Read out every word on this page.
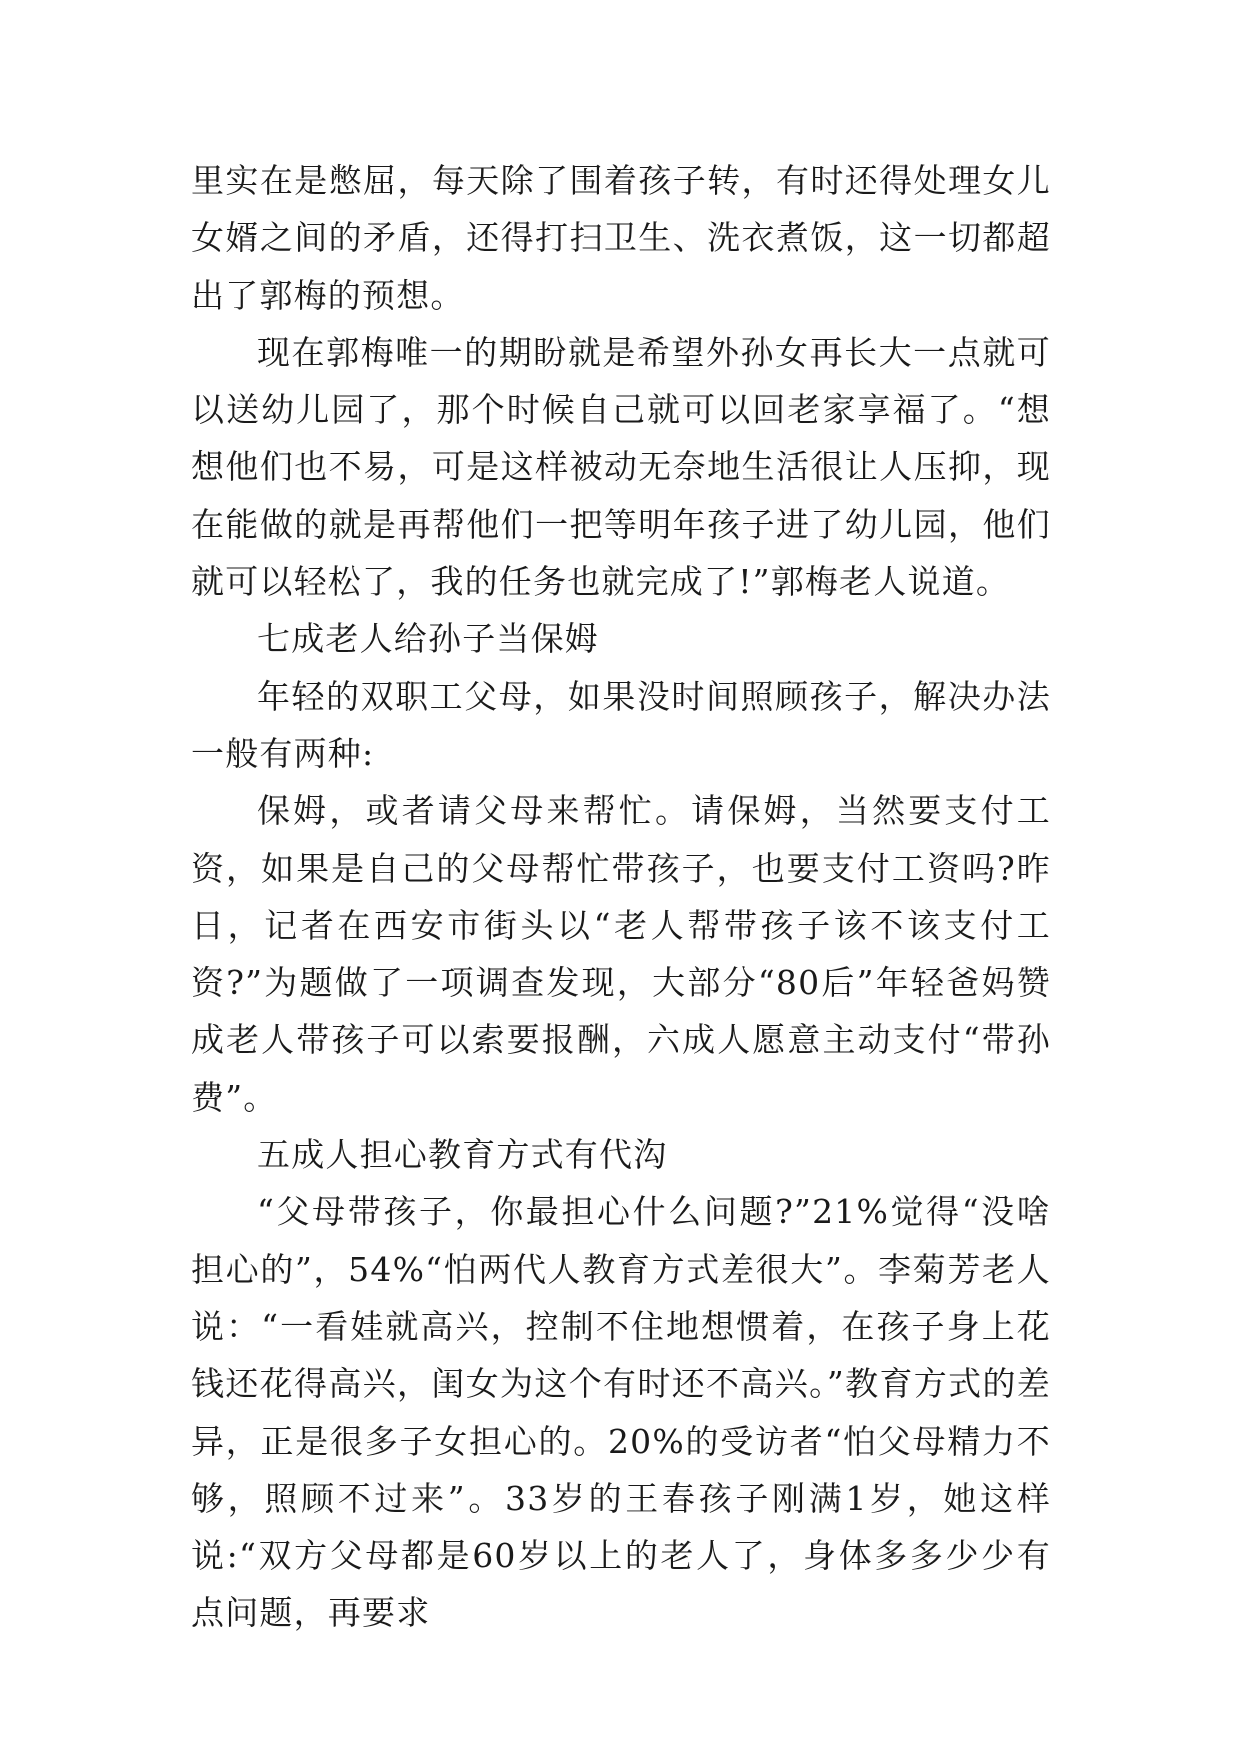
里实在是憋屈，每天除了围着孩子转，有时还得处理女儿女婿之间的矛盾，还得打扫卫生、洗衣煮饭，这一切都超出了郭梅的预想。

现在郭梅唯一的期盼就是希望外孙女再长大一点就可以送幼儿园了，那个时候自己就可以回老家享福了。“想想他们也不易，可是这样被动无奈地生活很让人压抑，现在能做的就是再帮他们一把等明年孩子进了幼儿园，他们就可以轻松了，我的任务也就完成了!”郭梅老人说道。

七成老人给孙子当保姆

年轻的双职工父母，如果没时间照顾孩子，解决办法一般有两种:

保姆，或者请父母来帮忙。请保姆，当然要支付工资，如果是自己的父母帮忙带孩子，也要支付工资吗?昨日，记者在西安市街头以“老人帮带孩子该不该支付工资?”为题做了一项调查发现，大部分“80后”年轻爸妈赞成老人带孩子可以索要报酬，六成人愿意主动支付“带孙费”。

五成人担心教育方式有代沟

“父母带孩子，你最担心什么问题?”21%觉得“没啥担心的”，54%“怕两代人教育方式差很大”。李菊芳老人说：“一看娃就高兴，控制不住地想惯着，在孩子身上花钱还花得高兴，闺女为这个有时还不高兴。”教育方式的差异，正是很多子女担心的。20%的受访者“怕父母精力不够，照顾不过来”。33岁的王春孩子刚满1岁，她这样说:“双方父母都是60岁以上的老人了，身体多多少少有点问题，再要求
